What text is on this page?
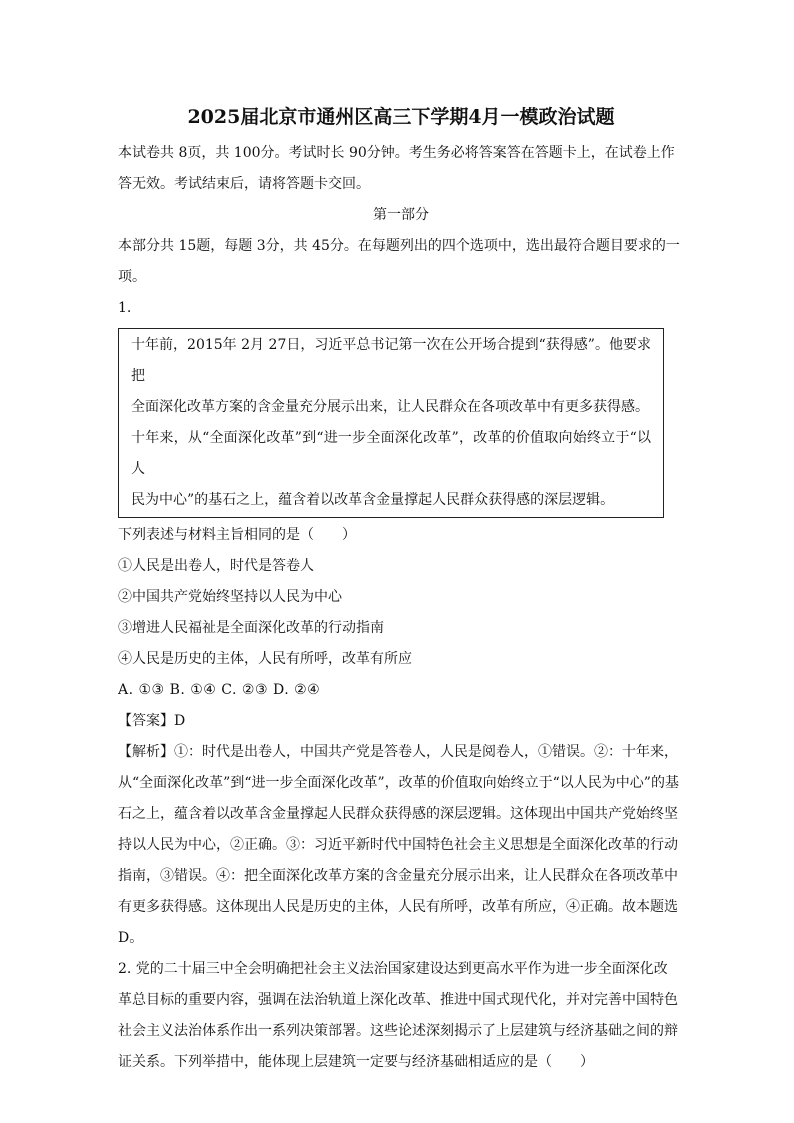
2025届北京市通州区高三下学期4月一模政治试题

本试卷共 8页，共 100分。考试时长 90分钟。考生务必将答案答在答题卡上，在试卷上作

答无效。考试结束后，请将答题卡交回。

第一部分

本部分共 15题，每题 3分，共 45分。在每题列出的四个选项中，选出最符合题目要求的一

项。

1.

十年前，2015年 2月 27日，习近平总书记第一次在公开场合提到“获得感”。他要求把

全面深化改革方案的含金量充分展示出来，让人民群众在各项改革中有更多获得感。

十年来，从“全面深化改革”到“进一步全面深化改革”，改革的价值取向始终立于“以人

民为中心”的基石之上，蕴含着以改革含金量撑起人民群众获得感的深层逻辑。

下列表述与材料主旨相同的是（　　）

①人民是出卷人，时代是答卷人

②中国共产党始终坚持以人民为中心

③增进人民福祉是全面深化改革的行动指南

④人民是历史的主体，人民有所呼，改革有所应

A. ①③ B. ①④ C. ②③ D. ②④

【答案】D

【解析】①：时代是出卷人，中国共产党是答卷人，人民是阅卷人，①错误。②：十年来，

从“全面深化改革”到“进一步全面深化改革”，改革的价值取向始终立于“以人民为中心”的基

石之上，蕴含着以改革含金量撑起人民群众获得感的深层逻辑。这体现出中国共产党始终坚

持以人民为中心，②正确。③：习近平新时代中国特色社会主义思想是全面深化改革的行动

指南，③错误。④：把全面深化改革方案的含金量充分展示出来，让人民群众在各项改革中

有更多获得感。这体现出人民是历史的主体，人民有所呼，改革有所应，④正确。故本题选

D。

2. 党的二十届三中全会明确把社会主义法治国家建设达到更高水平作为进一步全面深化改

革总目标的重要内容，强调在法治轨道上深化改革、推进中国式现代化，并对完善中国特色

社会主义法治体系作出一系列决策部署。这些论述深刻揭示了上层建筑与经济基础之间的辩

证关系。下列举措中，能体现上层建筑一定要与经济基础相适应的是（　　）
